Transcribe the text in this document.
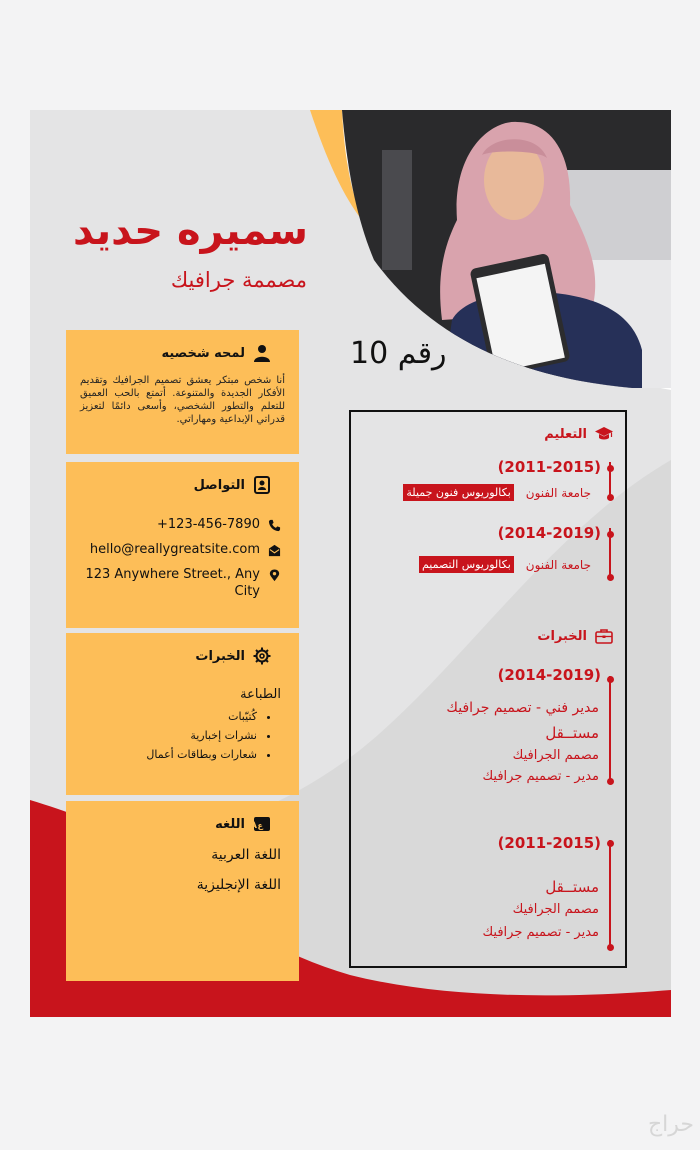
سميره حديد
مصممة جرافيك
رقم 10
لمحه شخصيه

أنا شخص مبتكر يعشق تصميم الجرافيك وتقديم الأفكار الجديدة والمتنوعة. أتمتع بالحب العميق للتعلم والتطور الشخصي، وأسعى دائمًا لتعزيز قدراتي الإبداعية ومهاراتي.

التواصل
+123-456-7890
hello@reallygreatsite.com
123 Anywhere Street., Any City
الخبرات
الطباعة
• كُتيّبات
• نشرات إخبارية
• شعارات وبطاقات أعمال
A ع
اللغه
اللغة العربية
اللغة الإنجليزية
التعليم
(2011-2015)
جامعة الفنون
بكالوريوس فنون جميلة
(2014-2019)
جامعة الفنون
بكالوريوس التصميم
الخبرات
(2014-2019)
مدير فني - تصميم جرافيك
مستــقل
مصمم الجرافيك
مدير - تصميم جرافيك
(2011-2015)
مستــقل
مصمم الجرافيك
مدير - تصميم جرافيك
حراج
